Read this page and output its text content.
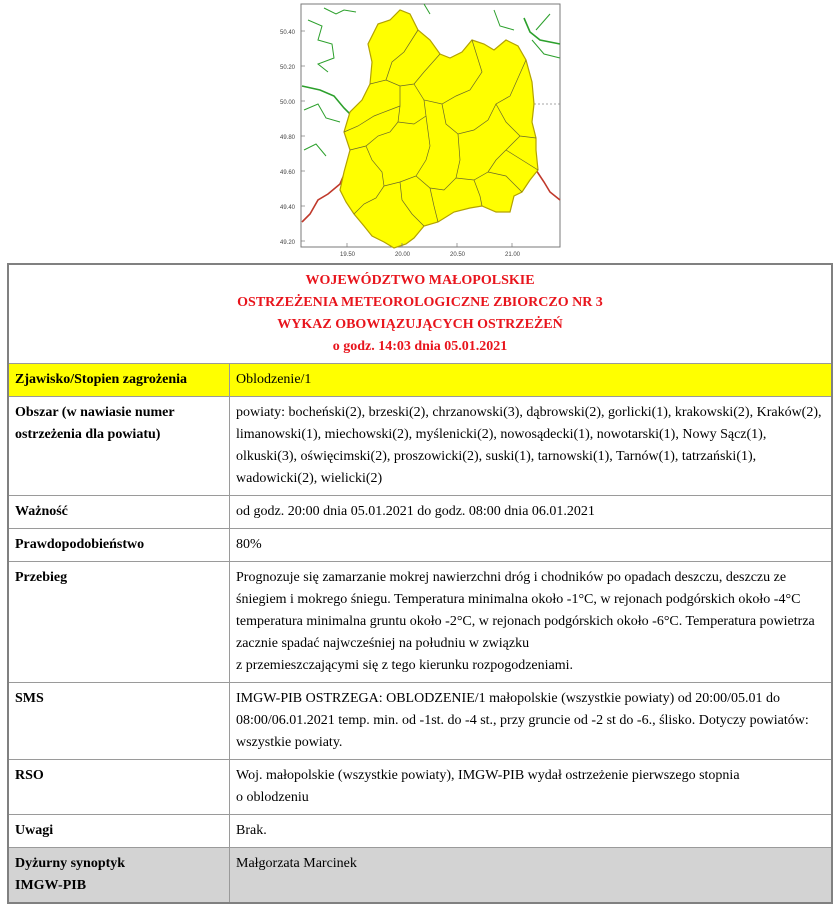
50.40
50.20
50.00
49.80
49.60
49.40
49.20
19.50	20.00	20.50	21.00
WOJEWÓDZTWO MAŁOPOLSKIE
OSTRZEŻENIA METEOROLOGICZNE ZBIORCZO NR 3
WYKAZ OBOWIĄZUJĄCYCH OSTRZEŻEŃ
o godz. 14:03 dnia 05.01.2021	

Zjawisko/Stopien zagrożenia	Oblodzenie/1
Obszar (w nawiasie numer ostrzeżenia dla powiatu)	powiaty: bocheński(2), brzeski(2), chrzanowski(3), dąbrowski(2), gorlicki(1), krakowski(2), Kraków(2), limanowski(1), miechowski(2), myślenicki(2), nowosądecki(1), nowotarski(1), Nowy Sącz(1), olkuski(3), oświęcimski(2), proszowicki(2), suski(1), tarnowski(1), Tarnów(1), tatrzański(1), wadowicki(2), wielicki(2)
Ważność	od godz. 20:00 dnia 05.01.2021 do godz. 08:00 dnia 06.01.2021
Prawdopodobieństwo	80%
Przebieg	Prognozuje się zamarzanie mokrej nawierzchni dróg i chodników po opadach deszczu, deszczu ze śniegiem i mokrego śniegu. Temperatura minimalna około -1°C, w rejonach podgórskich około -4°C temperatura minimalna gruntu około -2°C, w rejonach podgórskich około -6°C. Temperatura powietrza zacznie spadać najwcześniej na południu w związku
z przemieszczającymi się z tego kierunku rozpogodzeniami.
SMS	IMGW-PIB OSTRZEGA: OBLODZENIE/1 małopolskie (wszystkie powiaty) od 20:00/05.01 do 08:00/06.01.2021 temp. min. od -1st. do -4 st., przy gruncie od -2 st do -6., ślisko. Dotyczy powiatów: wszystkie powiaty.
RSO	Woj. małopolskie (wszystkie powiaty), IMGW-PIB wydał ostrzeżenie pierwszego stopnia
o oblodzeniu
Uwagi	Brak.
Dyżurny synoptyk
IMGW-PIB	Małgorzata Marcinek
